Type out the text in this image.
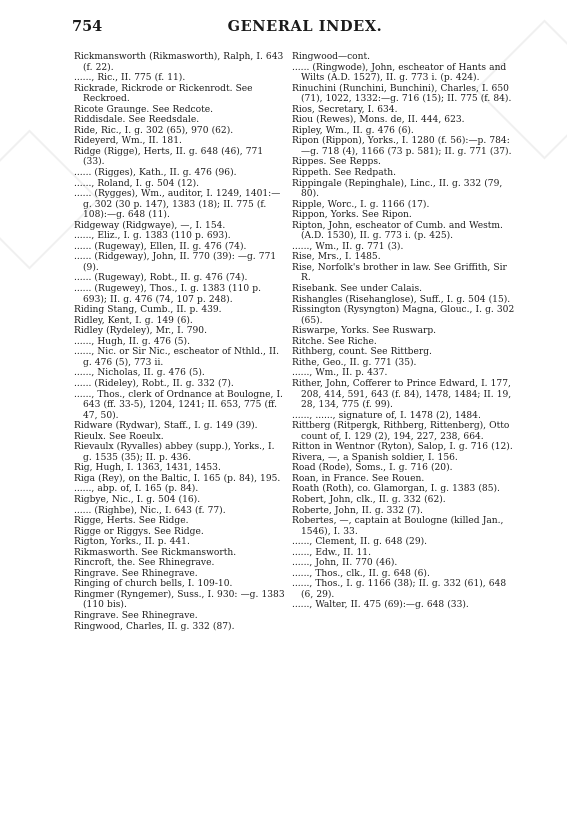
754	GENERAL INDEX.

Rickmansworth (Rikmasworth), Ralph, I. 643 (f. 22).

......, Ric., II. 775 (f. 11).

Rickrade, Rickrode or Rickenrodt. See Reckroed.

Ricote Graunge. See Redcote.

Riddisdale. See Reedsdale.

Ride, Ric., I. g. 302 (65), 970 (62).

Rideyerd, Wm., II. 181.

Ridge (Rigge), Herts, II. g. 648 (46), 771 (33).

...... (Rigges), Kath., II. g. 476 (96).

......, Roland, I. g. 504 (12).

...... (Rygges), Wm., auditor, I. 1249, 1401:—g. 302 (30 p. 147), 1383 (18); II. 775 (f. 108):—g. 648 (11).

Ridgeway (Ridgwaye), —, I. 154.

......, Eliz., I. g. 1383 (110 p. 693).

...... (Rugeway), Ellen, II. g. 476 (74).

...... (Ridgeway), John, II. 770 (39): —g. 771 (9).

...... (Rugeway), Robt., II. g. 476 (74).

...... (Rugewey), Thos., I. g. 1383 (110 p. 693); II. g. 476 (74, 107 p. 248).

Riding Stang, Cumb., II. p. 439.

Ridley, Kent, I. g. 149 (6).

Ridley (Rydeley), Mr., I. 790.

......, Hugh, II. g. 476 (5).

......, Nic. or Sir Nic., escheator of Nthld., II. g. 476 (5), 773 ii.

......, Nicholas, II. g. 476 (5).

...... (Rideley), Robt., II. g. 332 (7).

......, Thos., clerk of Ordnance at Boulogne, I. 643 (ff. 33-5), 1204, 1241; II. 653, 775 (ff. 47, 50).

Ridware (Rydwar), Staff., I. g. 149 (39).

Rieulx. See Roeulx.

Rievaulx (Ryvalles) abbey (supp.), Yorks., I. g. 1535 (35); II. p. 436.

Rig, Hugh, I. 1363, 1431, 1453.

Riga (Rey), on the Baltic, I. 165 (p. 84), 195.

......, abp. of, I. 165 (p. 84).

Rigbye, Nic., I. g. 504 (16).

...... (Righbe), Nic., I. 643 (f. 77).

Rigge, Herts. See Ridge.

Rigge or Riggys. See Ridge.

Rigton, Yorks., II. p. 441.

Rikmasworth. See Rickmansworth.

Rincroft, the. See Rhinegrave.

Ringrave. See Rhinegrave.

Ringing of church bells, I. 109-10.

Ringmer (Ryngemer), Suss., I. 930: —g. 1383 (110 bis).

Ringrave. See Rhinegrave.

Ringwood, Charles, II. g. 332 (87).

Ringwood—cont.

...... (Ringwode), John, escheator of Hants and Wilts (A.D. 1527), II. g. 773 i. (p. 424).

Rinuchini (Runchini, Bunchini), Charles, I. 650 (71), 1022, 1332:—g. 716 (15); II. 775 (f. 84).

Rios, Secretary, I. 634.

Riou (Rewes), Mons. de, II. 444, 623.

Ripley, Wm., II. g. 476 (6).

Ripon (Rippon), Yorks., I. 1280 (f. 56):—p. 784:—g. 718 (4), 1166 (73 p. 581); II. g. 771 (37).

Rippes. See Repps.

Rippeth. See Redpath.

Rippingale (Repinghale), Linc., II. g. 332 (79, 80).

Ripple, Worc., I. g. 1166 (17).

Rippon, Yorks. See Ripon.

Ripton, John, escheator of Cumb. and Westm. (A.D. 1530), II. g. 773 i. (p. 425).

......, Wm., II. g. 771 (3).

Rise, Mrs., I. 1485.

Rise, Norfolk's brother in law. See Griffith, Sir R.

Risebank. See under Calais.

Rishangles (Risehanglose), Suff., I. g. 504 (15).

Rissington (Rysyngton) Magna, Glouc., I. g. 302 (65).

Riswarpe, Yorks. See Ruswarp.

Ritche. See Riche.

Rithberg, count. See Rittberg.

Rithe, Geo., II. g. 771 (35).

......, Wm., II. p. 437.

Rither, John, Cofferer to Prince Edward, I. 177, 208, 414, 591, 643 (f. 84), 1478, 1484; II. 19, 28, 134, 775 (f. 99).

......, ......, signature of, I. 1478 (2), 1484.

Rittberg (Ritpergk, Rithberg, Rittenberg), Otto count of, I. 129 (2), 194, 227, 238, 664.

Ritton in Wentnor (Ryton), Salop, I. g. 716 (12).

Rivera, —, a Spanish soldier, I. 156.

Road (Rode), Soms., I. g. 716 (20).

Roan, in France. See Rouen.

Roath (Roth), co. Glamorgan, I. g. 1383 (85).

Robert, John, clk., II. g. 332 (62).

Roberte, John, II. g. 332 (7).

Robertes, —, captain at Boulogne (killed Jan., 1546), I. 33.

......, Clement, II. g. 648 (29).

......, Edw., II. 11.

......, John, II. 770 (46).

......, Thos., clk., II. g. 648 (6).

......, Thos., I. g. 1166 (38); II. g. 332 (61), 648 (6, 29).

......, Walter, II. 475 (69):—g. 648 (33).
